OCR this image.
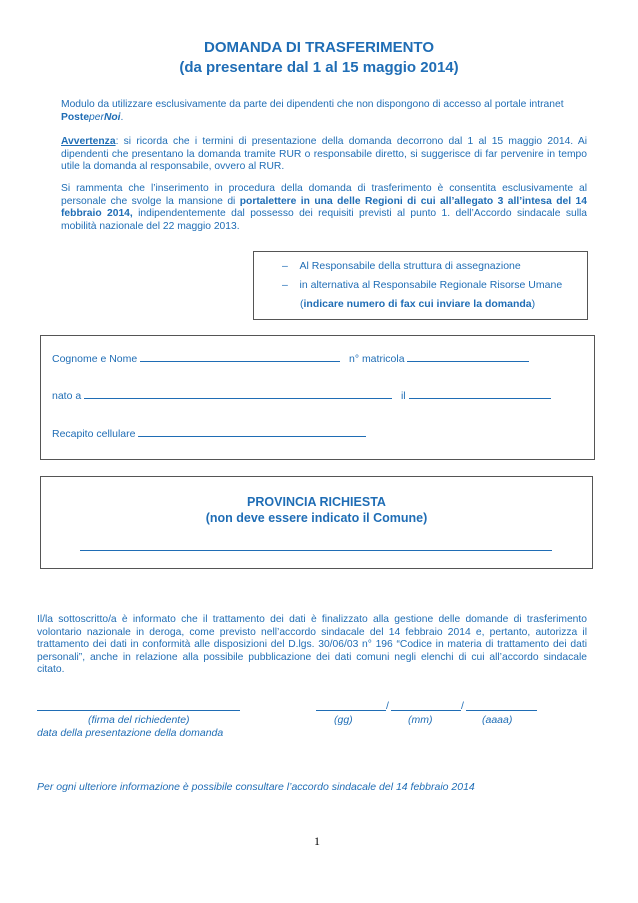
DOMANDA DI TRASFERIMENTO
(da presentare dal 1 al 15 maggio 2014)
Modulo da utilizzare esclusivamente da parte dei dipendenti che non dispongono di accesso al portale intranet
PosteperNoi.
Avvertenza: si ricorda che i termini di presentazione della domanda decorrono dal 1 al 15 maggio 2014. Ai dipendenti che presentano la domanda tramite RUR o responsabile diretto, si suggerisce di far pervenire in tempo utile la domanda al responsabile, ovvero al RUR.
Si rammenta che l’inserimento in procedura della domanda di trasferimento è consentita esclusivamente al personale che svolge la mansione di portalettere in una delle Regioni di cui all’allegato 3 all’intesa del 14 febbraio 2014, indipendentemente dal possesso dei requisiti previsti al punto 1. dell’Accordo sindacale sulla mobilità nazionale del 22 maggio 2013.
– Al Responsabile della struttura di assegnazione
– in alternativa al Responsabile Regionale Risorse Umane
(indicare numero di fax cui inviare la domanda)
Cognome e Nome	n° matricola
nato a	il
Recapito cellulare
PROVINCIA RICHIESTA
(non deve essere indicato il Comune)
Il/la sottoscritto/a è informato che il trattamento dei dati è finalizzato alla gestione delle domande di trasferimento volontario nazionale in deroga, come previsto nell’accordo sindacale del 14 febbraio 2014 e, pertanto, autorizza il trattamento dei dati in conformità alle disposizioni del D.lgs. 30/06/03 n° 196 “Codice in materia di trattamento dei dati personali”, anche in relazione alla possibile pubblicazione dei dati comuni negli elenchi di cui all’accordo sindacale citato.
(firma del richiedente)
data della presentazione della domanda
/	/
(gg)	(mm)	(aaaa)
Per ogni ulteriore informazione è possibile consultare l’accordo sindacale del 14 febbraio 2014
1
